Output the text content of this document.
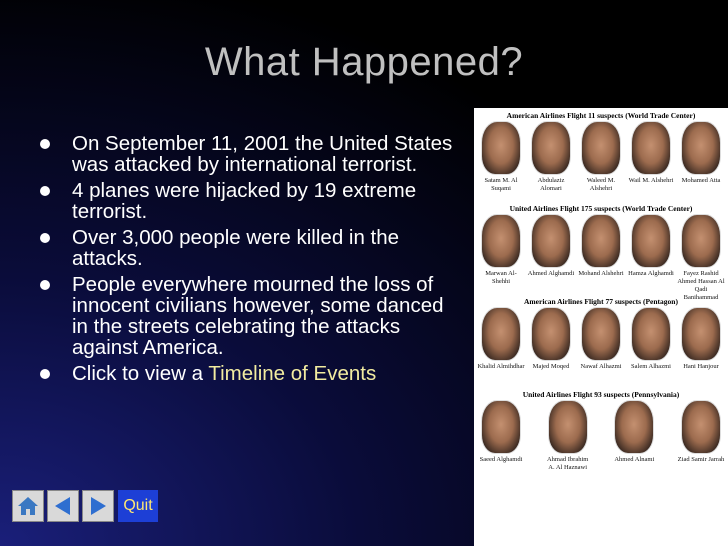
What Happened?
On September 11, 2001 the United States was attacked by international terrorist.
4 planes were hijacked by 19 extreme terrorist.
Over 3,000 people were killed in the attacks.
People everywhere mourned the loss of innocent civilians however, some danced in the streets celebrating the attacks against America.
Click to view a Timeline of Events
American Airlines Flight 11 suspects (World Trade Center)
Satam M. Al Suqami
Abdulaziz Alomari
Waleed M. Alshehri
Wail M. Alshehri	Mohamed Atta
United Airlines Flight 175 suspects (World Trade Center)
Marwan Al-Shehhi
Ahmed Alghamdi Mohand Alshehri Hamza Alghamdi	Fayez Rashid Ahmed Hassan Al Qadi Banihammad
American Airlines Flight 77 suspects (Pentagon)
Khalid Almihdhar	Majed Moqed	Nawaf Alhazmi	Salem Alhazmi	Hani Hanjour
United Airlines Flight 93 suspects (Pennsylvania)
Saeed Alghamdi	Ahmad Ibrahim A. Al Haznawi
Ahmed Alnami	Ziad Samir Jarrah
Quit
